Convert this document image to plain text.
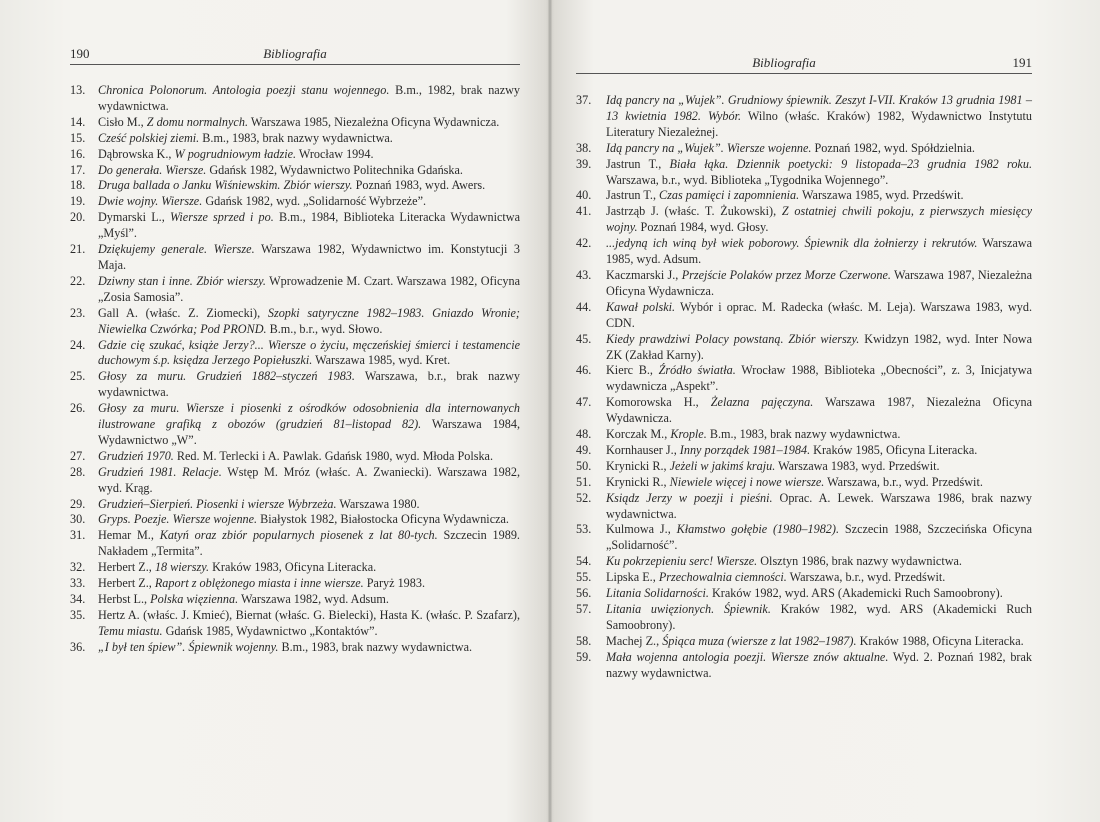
190	Bibliografia
13.	Chronica Polonorum. Antologia poezji stanu wojennego. B.m., 1982, brak nazwy wydawnictwa.
14.	Cisło M., Z domu normalnych. Warszawa 1985, Niezależna Oficyna Wydawnicza.
15.	Cześć polskiej ziemi. B.m., 1983, brak nazwy wydawnictwa.
16.	Dąbrowska K., W pogrudniowym ładzie. Wrocław 1994.
17.	Do generała. Wiersze. Gdańsk 1982, Wydawnictwo Politechnika Gdańska.
18.	Druga ballada o Janku Wiśniewskim. Zbiór wierszy. Poznań 1983, wyd. Awers.
19.	Dwie wojny. Wiersze. Gdańsk 1982, wyd. „Solidarność Wybrzeże”.
20.	Dymarski L., Wiersze sprzed i po. B.m., 1984, Biblioteka Literacka Wydawnictwa „Myśl”.
21.	Dziękujemy generale. Wiersze. Warszawa 1982, Wydawnictwo im. Konstytucji 3 Maja.
22.	Dziwny stan i inne. Zbiór wierszy. Wprowadzenie M. Czart. Warszawa 1982, Oficyna „Zosia Samosia”.
23.	Gall A. (właśc. Z. Ziomecki), Szopki satyryczne 1982–1983. Gniazdo Wronie; Niewielka Czwórka; Pod PROND. B.m., b.r., wyd. Słowo.
24.	Gdzie cię szukać, książe Jerzy?... Wiersze o życiu, męczeńskiej śmierci i testamencie duchowym ś.p. księdza Jerzego Popiełuszki. Warszawa 1985, wyd. Kret.
25.	Głosy za muru. Grudzień 1882–styczeń 1983. Warszawa, b.r., brak nazwy wydawnictwa.
26.	Głosy za muru. Wiersze i piosenki z ośrodków odosobnienia dla internowanych ilustrowane grafiką z obozów (grudzień 81–listopad 82). Warszawa 1984, Wydawnictwo „W”.
27.	Grudzień 1970. Red. M. Terlecki i A. Pawlak. Gdańsk 1980, wyd. Młoda Polska.
28.	Grudzień 1981. Relacje. Wstęp M. Mróz (właśc. A. Zwaniecki). Warszawa 1982, wyd. Krąg.
29.	Grudzień–Sierpień. Piosenki i wiersze Wybrzeża. Warszawa 1980.
30.	Gryps. Poezje. Wiersze wojenne. Białystok 1982, Białostocka Oficyna Wydawnicza.
31.	Hemar M., Katyń oraz zbiór popularnych piosenek z lat 80-tych. Szczecin 1989. Nakładem „Termita”.
32.	Herbert Z., 18 wierszy. Kraków 1983, Oficyna Literacka.
33.	Herbert Z., Raport z oblężonego miasta i inne wiersze. Paryż 1983.
34.	Herbst L., Polska więzienna. Warszawa 1982, wyd. Adsum.
35.	Hertz A. (właśc. J. Kmieć), Biernat (właśc. G. Bielecki), Hasta K. (właśc. P. Szafarz), Temu miastu. Gdańsk 1985, Wydawnictwo „Kontaktów”.
36.	„I był ten śpiew”. Śpiewnik wojenny. B.m., 1983, brak nazwy wydawnictwa.
Bibliografia	191
37.	Idą pancry na „Wujek”. Grudniowy śpiewnik. Zeszyt I-VII. Kraków 13 grudnia 1981 – 13 kwietnia 1982. Wybór. Wilno (właśc. Kraków) 1982, Wydawnictwo Instytutu Literatury Niezależnej.
38.	Idą pancry na „Wujek”. Wiersze wojenne. Poznań 1982, wyd. Spółdzielnia.
39.	Jastrun T., Biała łąka. Dziennik poetycki: 9 listopada–23 grudnia 1982 roku. Warszawa, b.r., wyd. Biblioteka „Tygodnika Wojennego”.
40.	Jastrun T., Czas pamięci i zapomnienia. Warszawa 1985, wyd. Przedświt.
41.	Jastrząb J. (właśc. T. Żukowski), Z ostatniej chwili pokoju, z pierwszych miesięcy wojny. Poznań 1984, wyd. Głosy.
42.	...jedyną ich winą był wiek poborowy. Śpiewnik dla żołnierzy i rekrutów. Warszawa 1985, wyd. Adsum.
43.	Kaczmarski J., Przejście Polaków przez Morze Czerwone. Warszawa 1987, Niezależna Oficyna Wydawnicza.
44.	Kawał polski. Wybór i oprac. M. Radecka (właśc. M. Leja). Warszawa 1983, wyd. CDN.
45.	Kiedy prawdziwi Polacy powstaną. Zbiór wierszy. Kwidzyn 1982, wyd. Inter Nowa ZK (Zakład Karny).
46.	Kierc B., Źródło światła. Wrocław 1988, Biblioteka „Obecności”, z. 3, Inicjatywa wydawnicza „Aspekt”.
47.	Komorowska H., Żelazna pajęczyna. Warszawa 1987, Niezależna Oficyna Wydawnicza.
48.	Korczak M., Krople. B.m., 1983, brak nazwy wydawnictwa.
49.	Kornhauser J., Inny porządek 1981–1984. Kraków 1985, Oficyna Literacka.
50.	Krynicki R., Jeżeli w jakimś kraju. Warszawa 1983, wyd. Przedświt.
51.	Krynicki R., Niewiele więcej i nowe wiersze. Warszawa, b.r., wyd. Przedświt.
52.	Ksiądz Jerzy w poezji i pieśni. Oprac. A. Lewek. Warszawa 1986, brak nazwy wydawnictwa.
53.	Kulmowa J., Kłamstwo gołębie (1980–1982). Szczecin 1988, Szczecińska Oficyna „Solidarność”.
54.	Ku pokrzepieniu serc! Wiersze. Olsztyn 1986, brak nazwy wydawnictwa.
55.	Lipska E., Przechowalnia ciemności. Warszawa, b.r., wyd. Przedświt.
56.	Litania Solidarności. Kraków 1982, wyd. ARS (Akademicki Ruch Samoobrony).
57.	Litania uwięzionych. Śpiewnik. Kraków 1982, wyd. ARS (Akademicki Ruch Samoobrony).
58.	Machej Z., Śpiąca muza (wiersze z lat 1982–1987). Kraków 1988, Oficyna Literacka.
59.	Mała wojenna antologia poezji. Wiersze znów aktualne. Wyd. 2. Poznań 1982, brak nazwy wydawnictwa.
